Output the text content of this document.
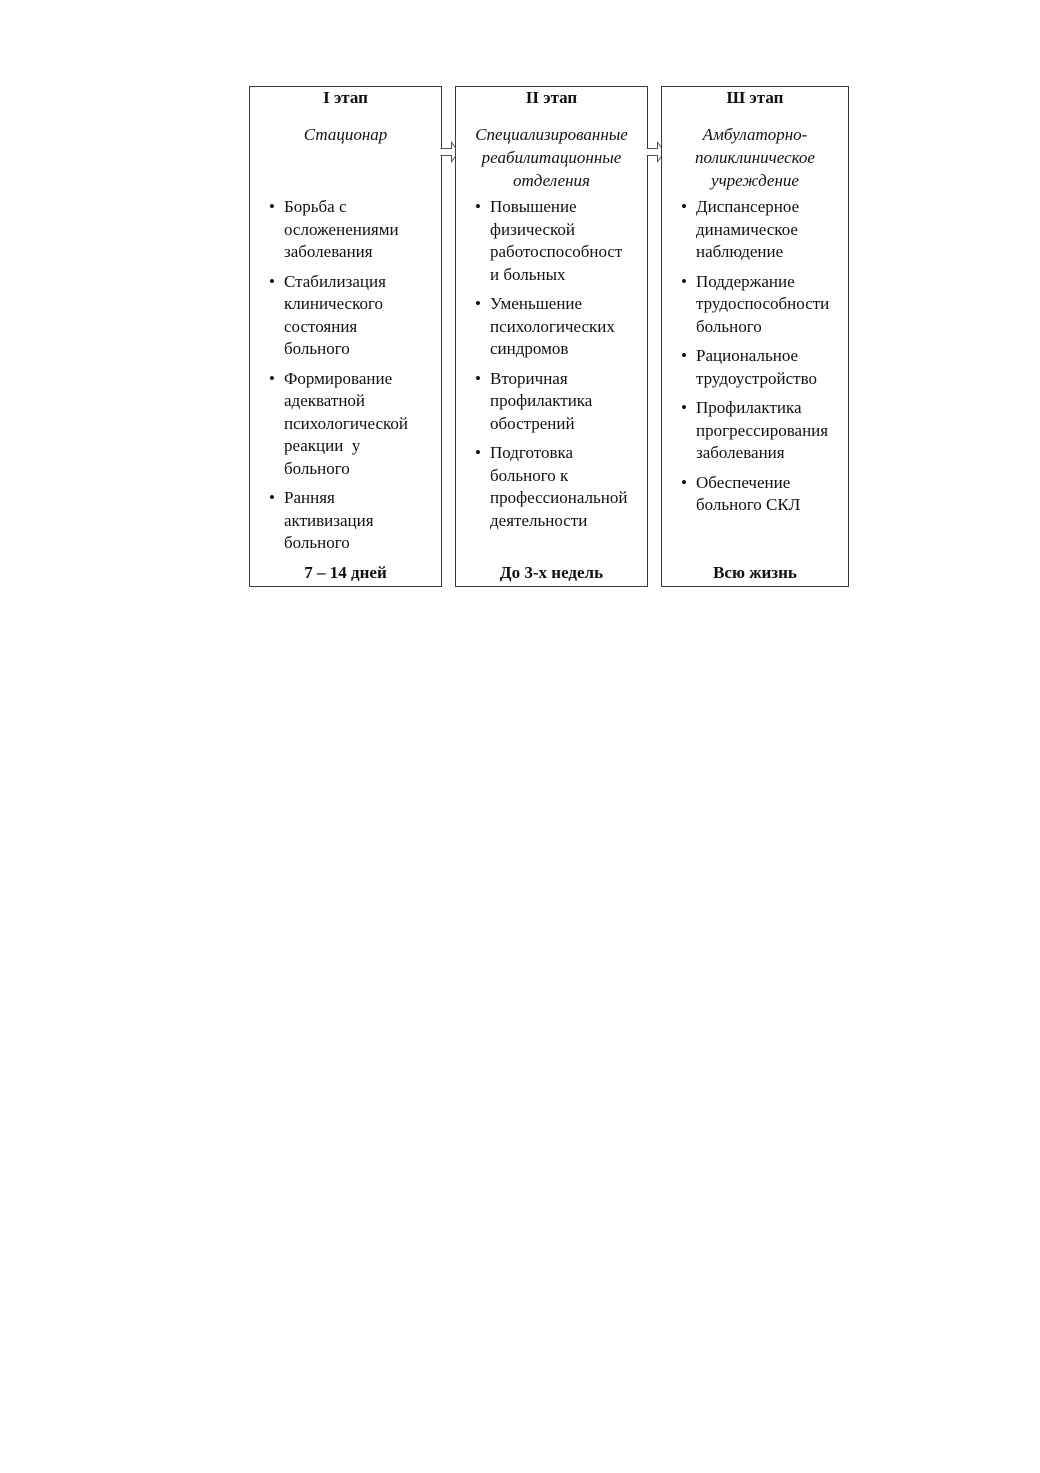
I этап
Стационар
• Борьба с
осложенениями
заболевания
• Стабилизация
клинического
состояния
больного
• Формирование
адекватной
психологической
реакции  у
больного
• Ранняя
активизация
больного
7 – 14 дней
II этап
Специализированные
реабилитационные
отделения
• Повышение
физической
работоспособност
и больных
• Уменьшение
психологических
синдромов
• Вторичная
профилактика
обострений
• Подготовка
больного к
профессиональной
деятельности
До 3-х недель
Ш этап
Амбулаторно-
поликлиническое
учреждение
• Диспансерное
динамическое
наблюдение
• Поддержание
трудоспособности
больного
• Рациональное
трудоустройство
• Профилактика
прогрессирования
заболевания
• Обеспечение
больного СКЛ
Всю жизнь
